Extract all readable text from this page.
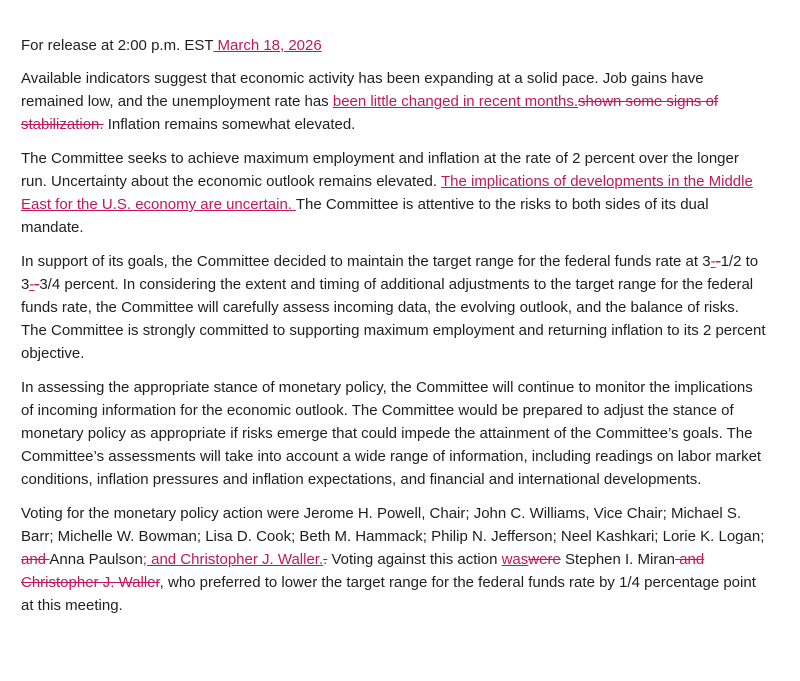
For release at 2:00 p.m. EST March 18, 2026

Available indicators suggest that economic activity has been expanding at a solid pace. Job gains have remained low, and the unemployment rate has been little changed in recent months.shown some signs of stabilization. Inflation remains somewhat elevated.

The Committee seeks to achieve maximum employment and inflation at the rate of 2 percent over the longer run. Uncertainty about the economic outlook remains elevated. The implications of developments in the Middle East for the U.S. economy are uncertain. The Committee is attentive to the risks to both sides of its dual mandate.

In support of its goals, the Committee decided to maintain the target range for the federal funds rate at 3--1/2 to 3--3/4 percent. In considering the extent and timing of additional adjustments to the target range for the federal funds rate, the Committee will carefully assess incoming data, the evolving outlook, and the balance of risks. The Committee is strongly committed to supporting maximum employment and returning inflation to its 2 percent objective.

In assessing the appropriate stance of monetary policy, the Committee will continue to monitor the implications of incoming information for the economic outlook. The Committee would be prepared to adjust the stance of monetary policy as appropriate if risks emerge that could impede the attainment of the Committee’s goals. The Committee’s assessments will take into account a wide range of information, including readings on labor market conditions, inflation pressures and inflation expectations, and financial and international developments.

Voting for the monetary policy action were Jerome H. Powell, Chair; John C. Williams, Vice Chair; Michael S. Barr; Michelle W. Bowman; Lisa D. Cook; Beth M. Hammack; Philip N. Jefferson; Neel Kashkari; Lorie K. Logan; and Anna Paulson; and Christopher J. Waller.. Voting against this action waswere Stephen I. Miran and Christopher J. Waller, who preferred to lower the target range for the federal funds rate by 1/4 percentage point at this meeting.
